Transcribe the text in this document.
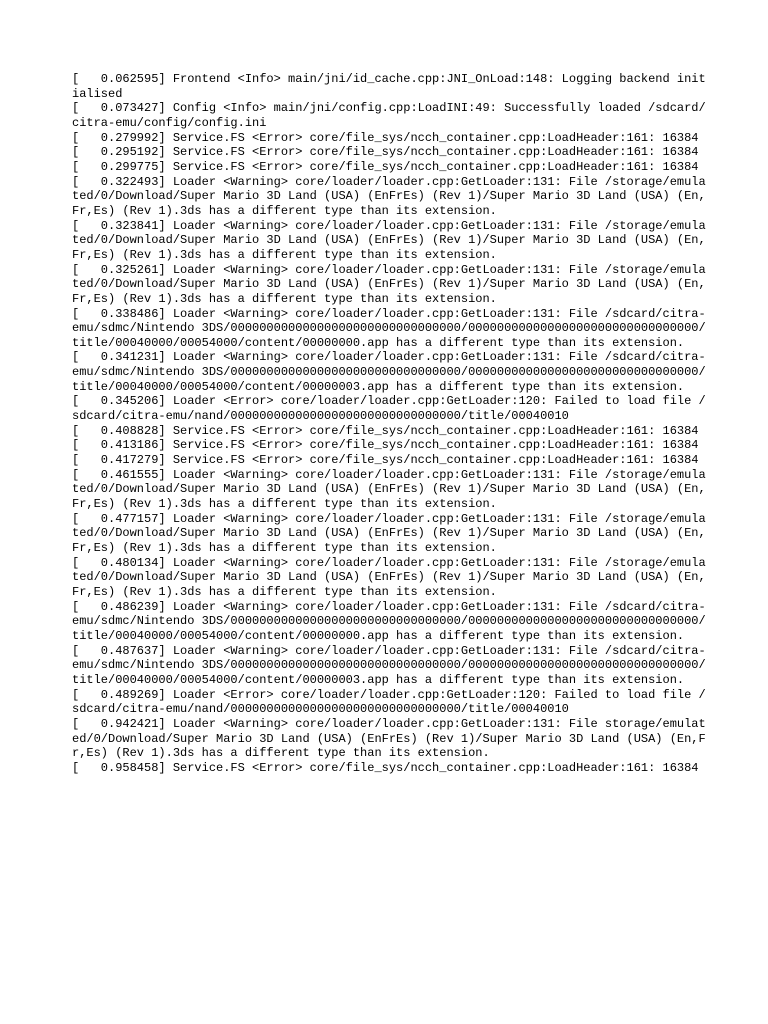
[   0.062595] Frontend <Info> main/jni/id_cache.cpp:JNI_OnLoad:148: Logging backend initialised
[   0.073427] Config <Info> main/jni/config.cpp:LoadINI:49: Successfully loaded /sdcard/citra-emu/config/config.ini
[   0.279992] Service.FS <Error> core/file_sys/ncch_container.cpp:LoadHeader:161: 16384
[   0.295192] Service.FS <Error> core/file_sys/ncch_container.cpp:LoadHeader:161: 16384
[   0.299775] Service.FS <Error> core/file_sys/ncch_container.cpp:LoadHeader:161: 16384
[   0.322493] Loader <Warning> core/loader/loader.cpp:GetLoader:131: File /storage/emulated/0/Download/Super Mario 3D Land (USA) (EnFrEs) (Rev 1)/Super Mario 3D Land (USA) (En,Fr,Es) (Rev 1).3ds has a different type than its extension.
[   0.323841] Loader <Warning> core/loader/loader.cpp:GetLoader:131: File /storage/emulated/0/Download/Super Mario 3D Land (USA) (EnFrEs) (Rev 1)/Super Mario 3D Land (USA) (En,Fr,Es) (Rev 1).3ds has a different type than its extension.
[   0.325261] Loader <Warning> core/loader/loader.cpp:GetLoader:131: File /storage/emulated/0/Download/Super Mario 3D Land (USA) (EnFrEs) (Rev 1)/Super Mario 3D Land (USA) (En,Fr,Es) (Rev 1).3ds has a different type than its extension.
[   0.338486] Loader <Warning> core/loader/loader.cpp:GetLoader:131: File /sdcard/citra-emu/sdmc/Nintendo 3DS/00000000000000000000000000000000/00000000000000000000000000000000/title/00040000/00054000/content/00000000.app has a different type than its extension.
[   0.341231] Loader <Warning> core/loader/loader.cpp:GetLoader:131: File /sdcard/citra-emu/sdmc/Nintendo 3DS/00000000000000000000000000000000/00000000000000000000000000000000/title/00040000/00054000/content/00000003.app has a different type than its extension.
[   0.345206] Loader <Error> core/loader/loader.cpp:GetLoader:120: Failed to load file /sdcard/citra-emu/nand/00000000000000000000000000000000/title/00040010
[   0.408828] Service.FS <Error> core/file_sys/ncch_container.cpp:LoadHeader:161: 16384
[   0.413186] Service.FS <Error> core/file_sys/ncch_container.cpp:LoadHeader:161: 16384
[   0.417279] Service.FS <Error> core/file_sys/ncch_container.cpp:LoadHeader:161: 16384
[   0.461555] Loader <Warning> core/loader/loader.cpp:GetLoader:131: File /storage/emulated/0/Download/Super Mario 3D Land (USA) (EnFrEs) (Rev 1)/Super Mario 3D Land (USA) (En,Fr,Es) (Rev 1).3ds has a different type than its extension.
[   0.477157] Loader <Warning> core/loader/loader.cpp:GetLoader:131: File /storage/emulated/0/Download/Super Mario 3D Land (USA) (EnFrEs) (Rev 1)/Super Mario 3D Land (USA) (En,Fr,Es) (Rev 1).3ds has a different type than its extension.
[   0.480134] Loader <Warning> core/loader/loader.cpp:GetLoader:131: File /storage/emulated/0/Download/Super Mario 3D Land (USA) (EnFrEs) (Rev 1)/Super Mario 3D Land (USA) (En,Fr,Es) (Rev 1).3ds has a different type than its extension.
[   0.486239] Loader <Warning> core/loader/loader.cpp:GetLoader:131: File /sdcard/citra-emu/sdmc/Nintendo 3DS/00000000000000000000000000000000/00000000000000000000000000000000/title/00040000/00054000/content/00000000.app has a different type than its extension.
[   0.487637] Loader <Warning> core/loader/loader.cpp:GetLoader:131: File /sdcard/citra-emu/sdmc/Nintendo 3DS/00000000000000000000000000000000/00000000000000000000000000000000/title/00040000/00054000/content/00000003.app has a different type than its extension.
[   0.489269] Loader <Error> core/loader/loader.cpp:GetLoader:120: Failed to load file /sdcard/citra-emu/nand/00000000000000000000000000000000/title/00040010
[   0.942421] Loader <Warning> core/loader/loader.cpp:GetLoader:131: File storage/emulated/0/Download/Super Mario 3D Land (USA) (EnFrEs) (Rev 1)/Super Mario 3D Land (USA) (En,Fr,Es) (Rev 1).3ds has a different type than its extension.
[   0.958458] Service.FS <Error> core/file_sys/ncch_container.cpp:LoadHeader:161: 16384
